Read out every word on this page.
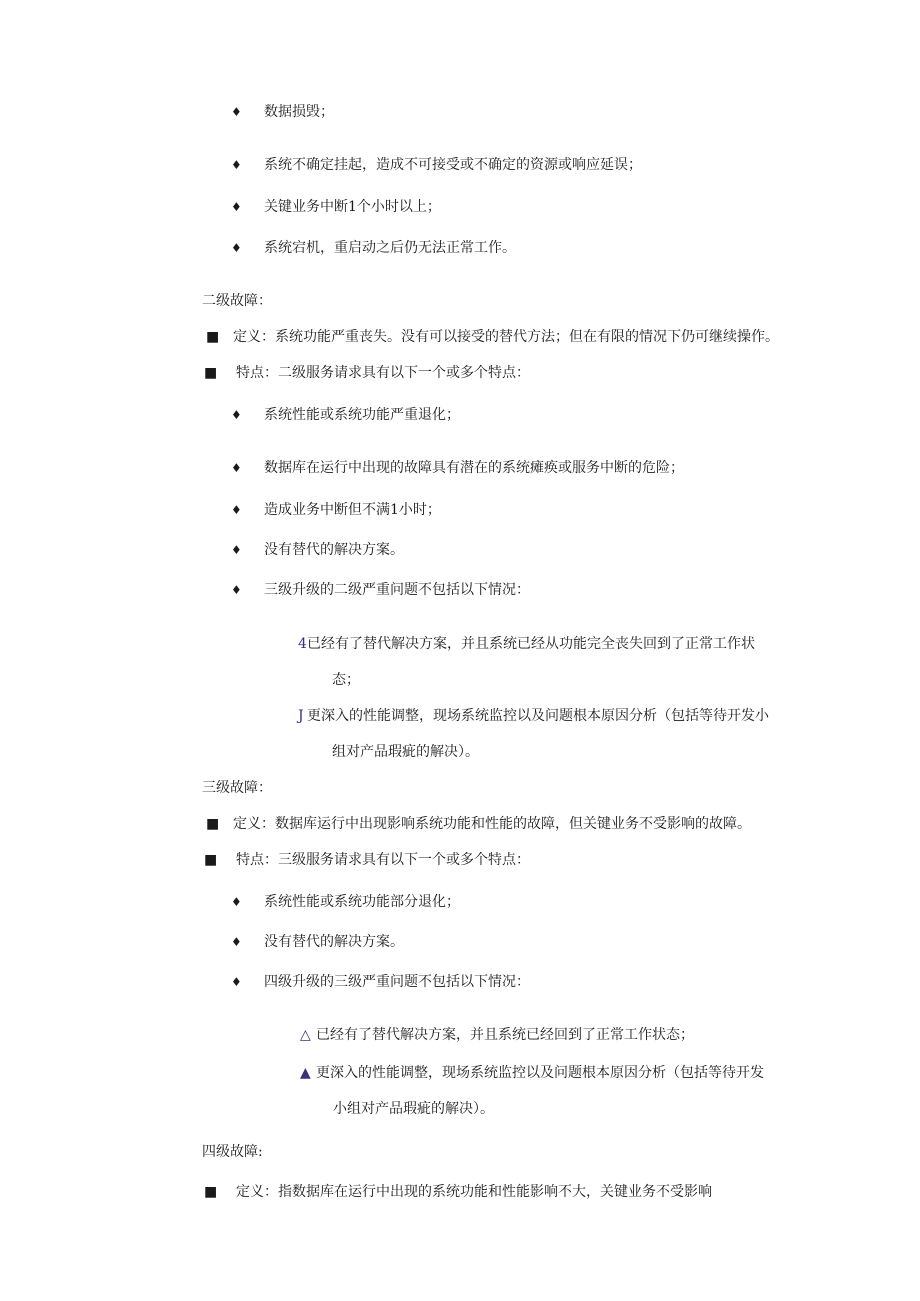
♦ 数据损毁；
♦ 系统不确定挂起，造成不可接受或不确定的资源或响应延误；
♦ 关键业务中断1个小时以上；
♦ 系统宕机，重启动之后仍无法正常工作。
二级故障：
■ 定义：系统功能严重丧失。没有可以接受的替代方法；但在有限的情况下仍可继续操作。
■ 特点：二级服务请求具有以下一个或多个特点：
♦ 系统性能或系统功能严重退化；
♦ 数据库在运行中出现的故障具有潜在的系统瘫痪或服务中断的危险；
♦ 造成业务中断但不满1小时；
♦ 没有替代的解决方案。
♦ 三级升级的二级严重问题不包括以下情况：
4 已经有了替代解决方案，并且系统已经从功能完全丧失回到了正常工作状
态；
J 更深入的性能调整，现场系统监控以及问题根本原因分析（包括等待开发小
组对产品瑕疵的解决）。
三级故障：
■ 定义：数据库运行中出现影响系统功能和性能的故障，但关键业务不受影响的故障。
■ 特点：三级服务请求具有以下一个或多个特点：
♦ 系统性能或系统功能部分退化；
♦ 没有替代的解决方案。
♦ 四级升级的三级严重问题不包括以下情况：
△ 已经有了替代解决方案，并且系统已经回到了正常工作状态；
▲ 更深入的性能调整，现场系统监控以及问题根本原因分析（包括等待开发
小组对产品瑕疵的解决）。
四级故障:
■ 定义：指数据库在运行中出现的系统功能和性能影响不大，关键业务不受影响
